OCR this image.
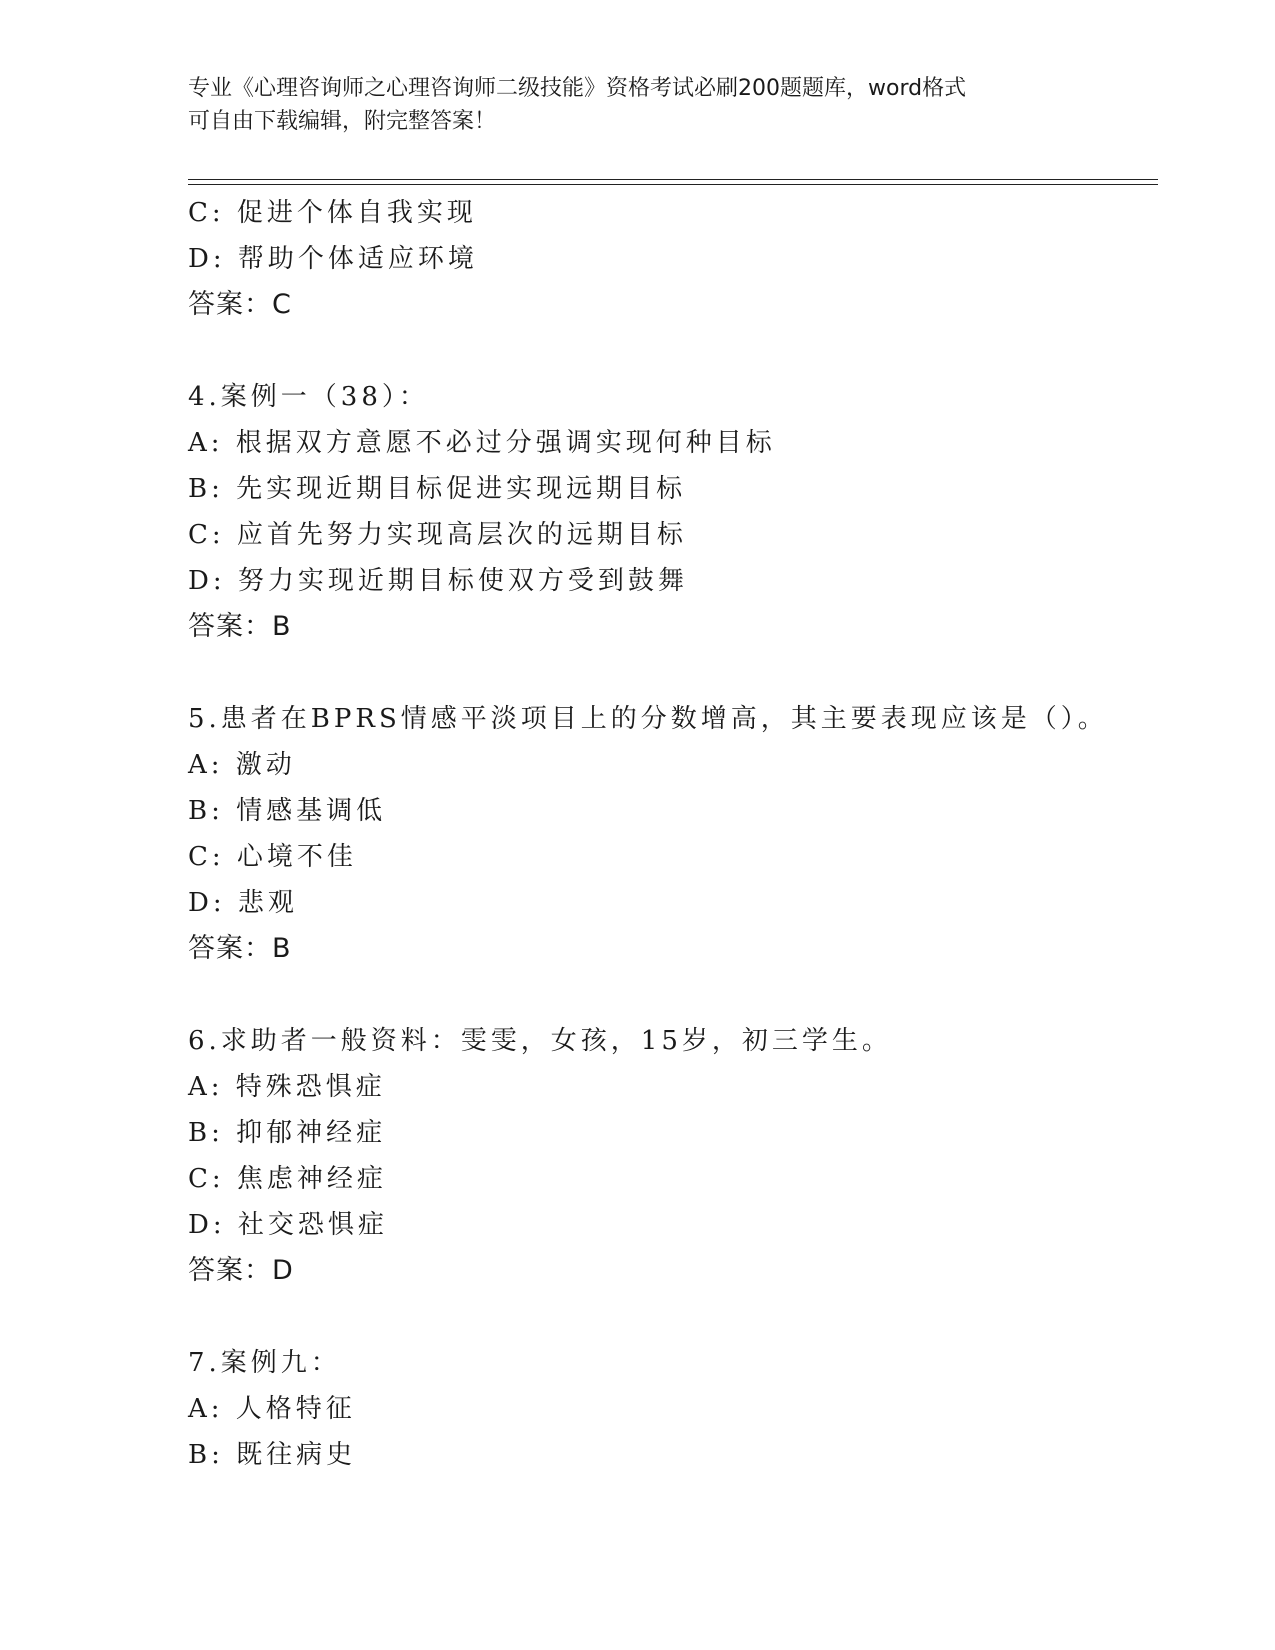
专业《心理咨询师之心理咨询师二级技能》资格考试必刷200题题库，word格式
可自由下载编辑，附完整答案！
C: 促进个体自我实现
D: 帮助个体适应环境
答案：C
4.案例一（38）：
A: 根据双方意愿不必过分强调实现何种目标
B: 先实现近期目标促进实现远期目标
C: 应首先努力实现高层次的远期目标
D: 努力实现近期目标使双方受到鼓舞
答案：B
5.患者在BPRS情感平淡项目上的分数增高，其主要表现应该是（）。
A: 激动
B: 情感基调低
C: 心境不佳
D: 悲观
答案：B
6.求助者一般资料：雯雯，女孩，15岁，初三学生。
A: 特殊恐惧症
B: 抑郁神经症
C: 焦虑神经症
D: 社交恐惧症
答案：D
7.案例九：
A: 人格特征
B: 既往病史
